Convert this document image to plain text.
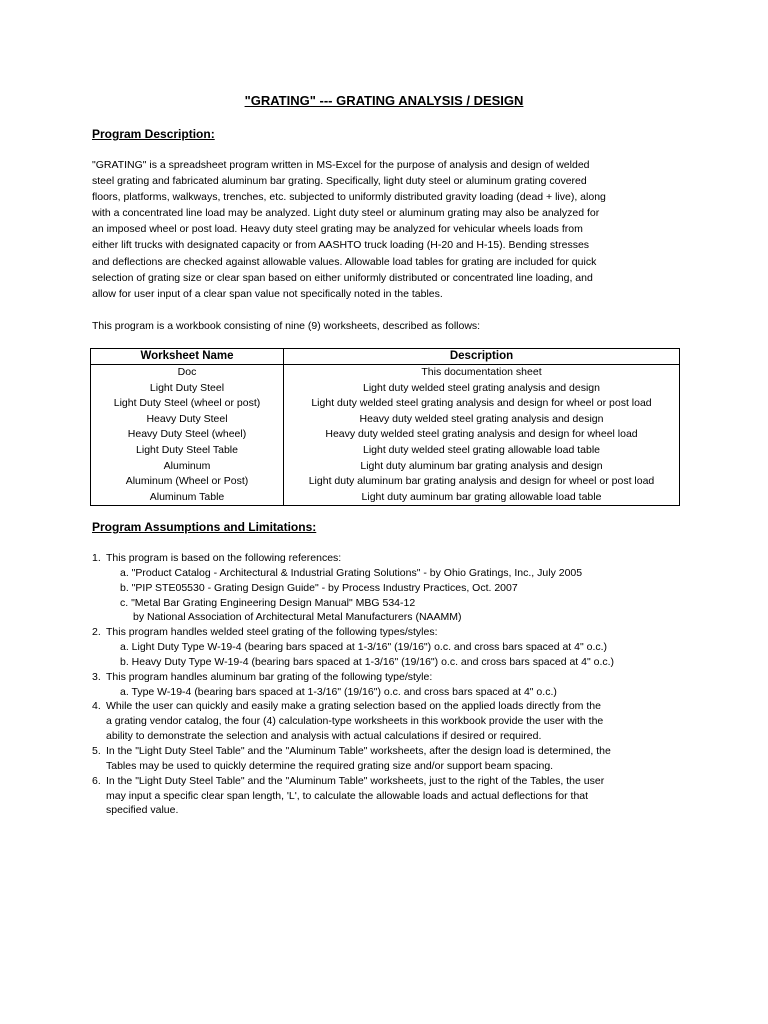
"GRATING" --- GRATING ANALYSIS / DESIGN
Program Description:
"GRATING" is a spreadsheet program written in MS-Excel for the purpose of analysis and design of welded
steel grating and fabricated aluminum bar grating. Specifically, light duty steel or aluminum grating covered
floors, platforms, walkways, trenches, etc. subjected to uniformly distributed gravity loading (dead + live), along
with a concentrated line load may be analyzed. Light duty steel or aluminum grating may also be analyzed for
an imposed wheel or post load. Heavy duty steel grating may be analyzed for vehicular wheels loads from
either lift trucks with designated capacity or from AASHTO truck loading (H-20 and H-15). Bending stresses
and deflections are checked against allowable values. Allowable load tables for grating are included for quick
selection of grating size or clear span based on either uniformly distributed or concentrated line loading, and
allow for user input of a clear span value not specifically noted in the tables.
This program is a workbook consisting of nine (9) worksheets, described as follows:
Worksheet Name	Description
Doc	This documentation sheet
Light Duty Steel	Light duty welded steel grating analysis and design
Light Duty Steel (wheel or post)	Light duty welded steel grating analysis and design for wheel or post load
Heavy Duty Steel	Heavy duty welded steel grating analysis and design
Heavy Duty Steel (wheel)	Heavy duty welded steel grating analysis and design for wheel load
Light Duty Steel Table	Light duty welded steel grating allowable load table
Aluminum	Light duty aluminum bar grating analysis and design
Aluminum (Wheel or Post)	Light duty aluminum bar grating analysis and design for wheel or post load
Aluminum Table	Light duty auminum bar grating allowable load table
Program Assumptions and Limitations:
1. This program is based on the following references:
a. "Product Catalog - Architectural & Industrial Grating Solutions" - by Ohio Gratings, Inc., July 2005
b. "PIP STE05530 - Grating Design Guide" - by Process Industry Practices, Oct. 2007
c. "Metal Bar Grating Engineering Design Manual" MBG 534-12
by National Association of Architectural Metal Manufacturers (NAAMM)
2. This program handles welded steel grating of the following types/styles:
a. Light Duty Type W-19-4 (bearing bars spaced at 1-3/16" (19/16") o.c. and cross bars spaced at 4" o.c.)
b. Heavy Duty Type W-19-4 (bearing bars spaced at 1-3/16" (19/16") o.c. and cross bars spaced at 4" o.c.)
3. This program handles aluminum bar grating of the following type/style:
a. Type W-19-4 (bearing bars spaced at 1-3/16" (19/16") o.c. and cross bars spaced at 4" o.c.)
4. While the user can quickly and easily make a grating selection based on the applied loads directly from the
a grating vendor catalog, the four (4) calculation-type worksheets in this workbook provide the user with the
ability to demonstrate the selection and analysis with actual calculations if desired or required.
5. In the "Light Duty Steel Table" and the "Aluminum Table" worksheets, after the design load is determined, the
Tables may be used to quickly determine the required grating size and/or support beam spacing.
6. In the "Light Duty Steel Table" and the "Aluminum Table" worksheets, just to the right of the Tables, the user
may input a specific clear span length, 'L', to calculate the allowable loads and actual deflections for that
specified value.
